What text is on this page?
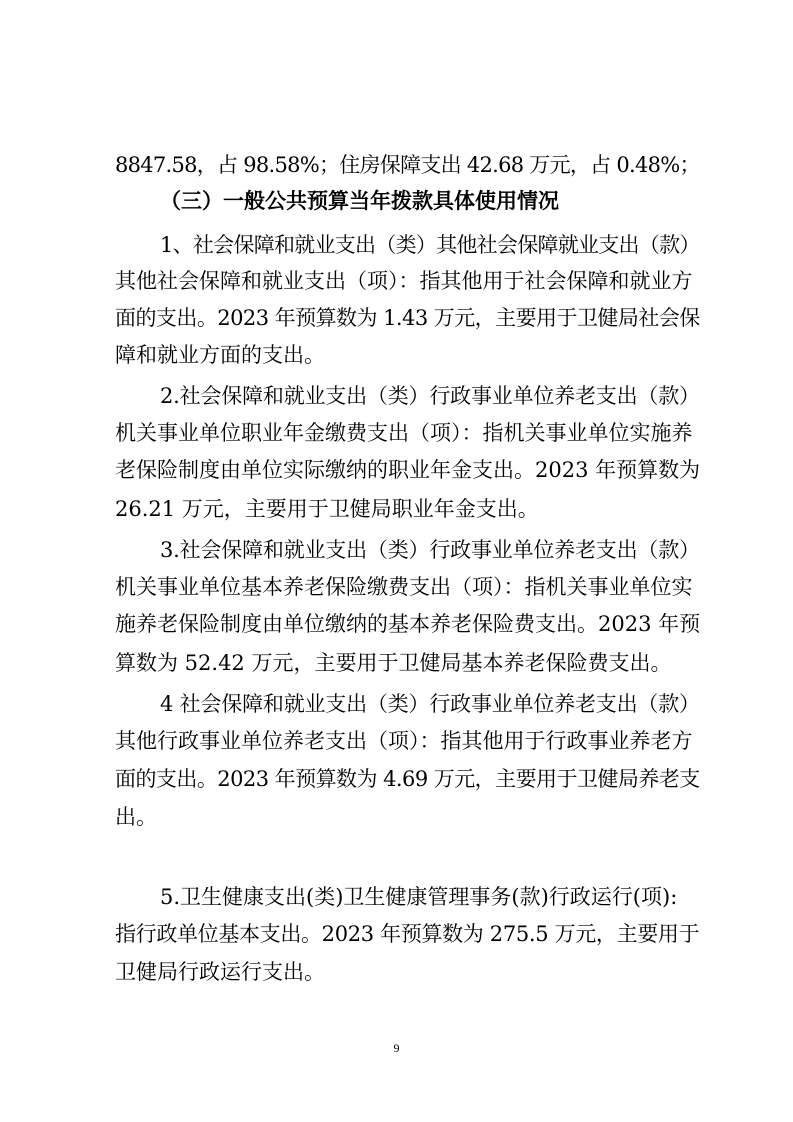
8847.58，占 98.58%；住房保障支出 42.68 万元，占 0.48%；
（三）一般公共预算当年拨款具体使用情况
1、社会保障和就业支出（类）其他社会保障就业支出（款）
其他社会保障和就业支出（项）：指其他用于社会保障和就业方
面的支出。2023 年预算数为 1.43 万元，主要用于卫健局社会保
障和就业方面的支出。
2.社会保障和就业支出（类）行政事业单位养老支出（款）
机关事业单位职业年金缴费支出（项）：指机关事业单位实施养
老保险制度由单位实际缴纳的职业年金支出。2023 年预算数为
26.21 万元，主要用于卫健局职业年金支出。
3.社会保障和就业支出（类）行政事业单位养老支出（款）
机关事业单位基本养老保险缴费支出（项）：指机关事业单位实
施养老保险制度由单位缴纳的基本养老保险费支出。2023 年预
算数为 52.42 万元，主要用于卫健局基本养老保险费支出。
4 社会保障和就业支出（类）行政事业单位养老支出（款）
其他行政事业单位养老支出（项）：指其他用于行政事业养老方
面的支出。2023 年预算数为 4.69 万元，主要用于卫健局养老支
出。
5.卫生健康支出(类)卫生健康管理事务(款)行政运行(项):
指行政单位基本支出。2023 年预算数为 275.5 万元，主要用于
卫健局行政运行支出。
9
